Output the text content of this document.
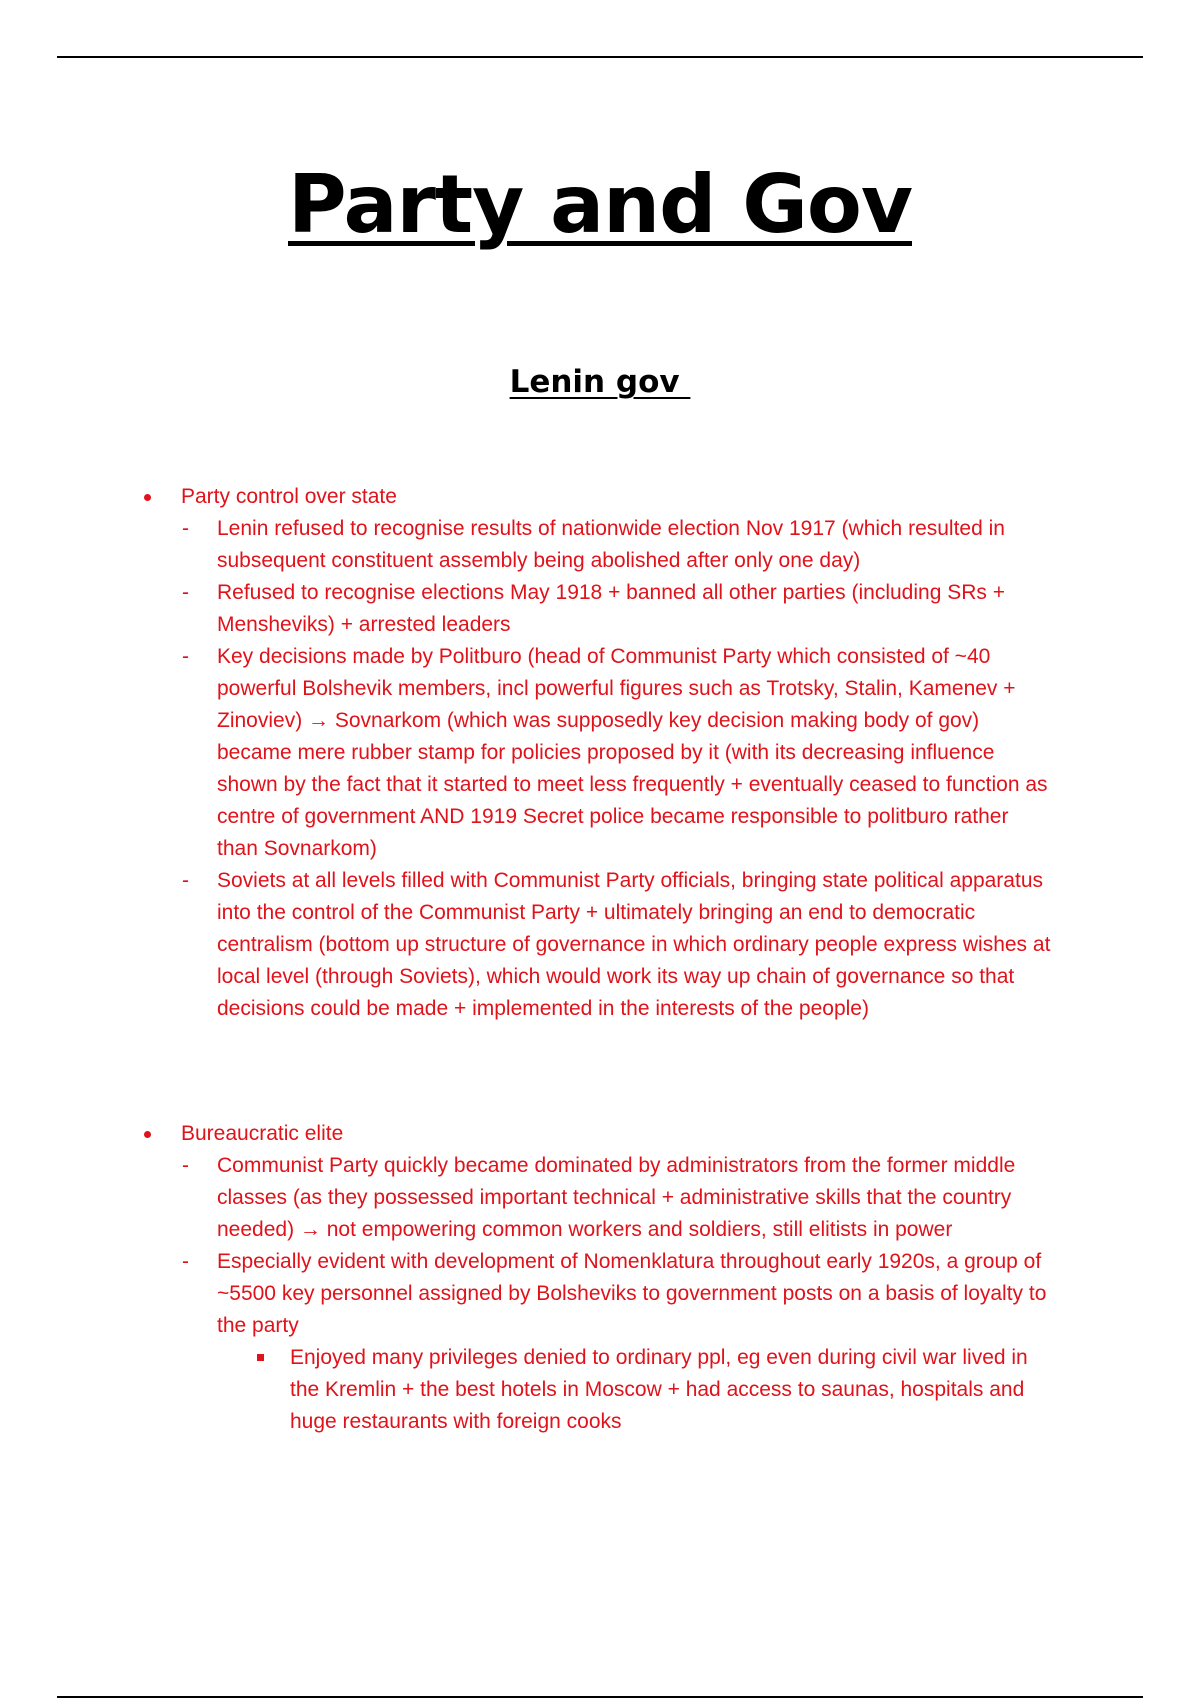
Party and Gov
Lenin gov
Party control over state
-	Lenin refused to recognise results of nationwide election Nov 1917 (which resulted in subsequent constituent assembly being abolished after only one day)
-	Refused to recognise elections May 1918 + banned all other parties (including SRs + Mensheviks) + arrested leaders
-	Key decisions made by Politburo (head of Communist Party which consisted of ~40 powerful Bolshevik members, incl powerful figures such as Trotsky, Stalin, Kamenev + Zinoviev) → Sovnarkom (which was supposedly key decision making body of gov) became mere rubber stamp for policies proposed by it (with its decreasing influence shown by the fact that it started to meet less frequently + eventually ceased to function as centre of government AND 1919 Secret police became responsible to politburo rather than Sovnarkom)
-	Soviets at all levels filled with Communist Party officials, bringing state political apparatus into the control of the Communist Party + ultimately bringing an end to democratic centralism (bottom up structure of governance in which ordinary people express wishes at local level (through Soviets), which would work its way up chain of governance so that decisions could be made + implemented in the interests of the people)
Bureaucratic elite
-	Communist Party quickly became dominated by administrators from the former middle classes (as they possessed important technical + administrative skills that the country needed) → not empowering common workers and soldiers, still elitists in power
-	Especially evident with development of Nomenklatura throughout early 1920s, a group of ~5500 key personnel assigned by Bolsheviks to government posts on a basis of loyalty to the party
Enjoyed many privileges denied to ordinary ppl, eg even during civil war lived in the Kremlin + the best hotels in Moscow + had access to saunas, hospitals and huge restaurants with foreign cooks
